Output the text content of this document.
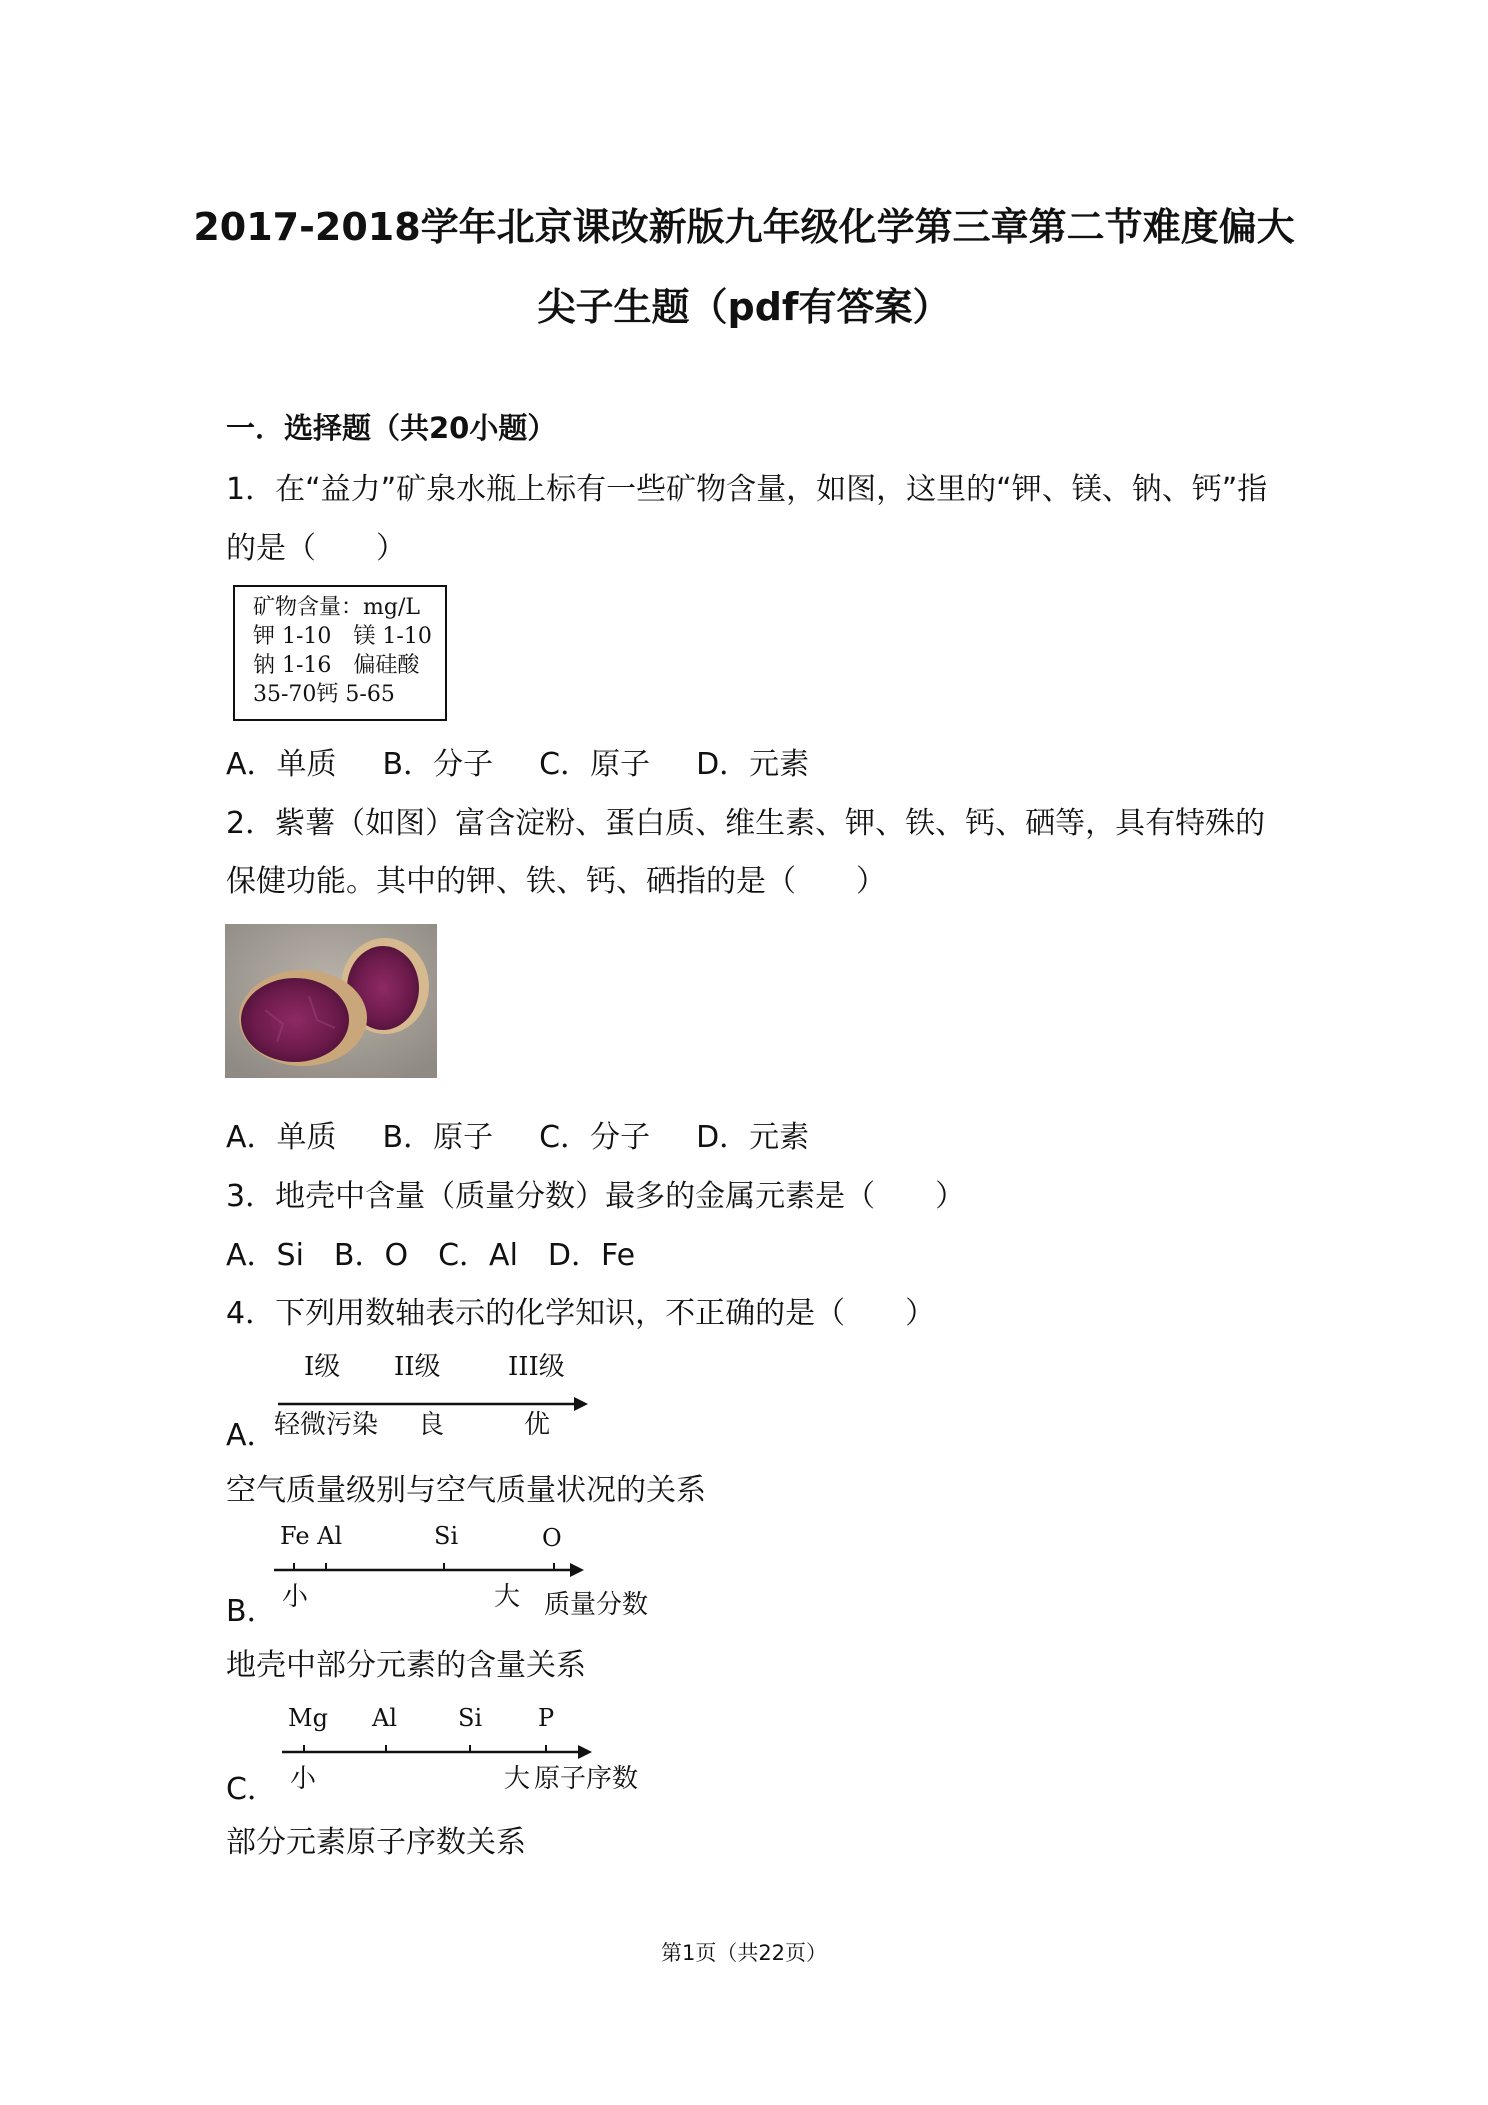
2017-2018学年北京课改新版九年级化学第三章第二节难度偏大
尖子生题（pdf有答案）
一．选择题（共20小题）
1．在“益力”矿泉水瓶上标有一些矿物含量，如图，这里的“钾、镁、钠、钙”指
的是（　　）
矿物含量：mg/L
钾 1-10　镁 1-10
钠 1-16　偏硅酸
35-70钙 5-65
A．单质 B．分子 C．原子 D．元素
2．紫薯（如图）富含淀粉、蛋白质、维生素、钾、铁、钙、硒等，具有特殊的
保健功能。其中的钾、铁、钙、硒指的是（　　）
A．单质 B．原子 C．分子 D．元素
3．地壳中含量（质量分数）最多的金属元素是（　　）
A．Si B．O C．Al D．Fe
4．下列用数轴表示的化学知识，不正确的是（　　）
I级 II级	III级
A．
轻微污染 良	优
空气质量级别与空气质量状况的关系
Fe Al	Si	O
B． 小	大 质量分数
地壳中部分元素的含量关系
Mg Al	Si P
C． 小	大 原子序数
部分元素原子序数关系
第1页（共22页）
